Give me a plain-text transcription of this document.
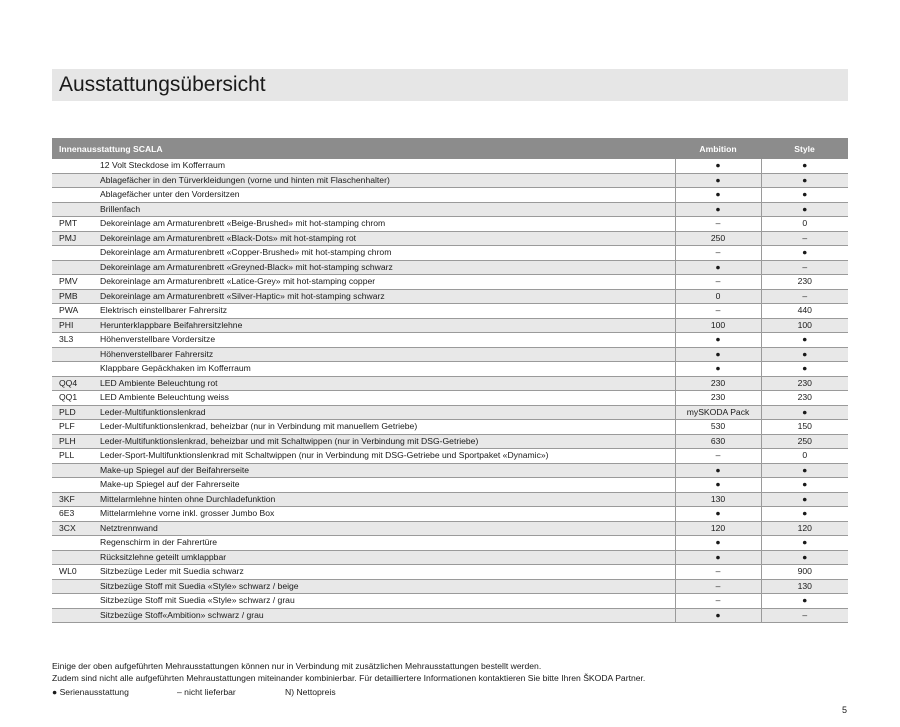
Ausstattungsübersicht
Innenausstattung SCALA		Ambition	Style
	12 Volt Steckdose im Kofferraum	●	●
	Ablagefächer in den Türverkleidungen (vorne und hinten mit Flaschenhalter)	●	●
	Ablagefächer unter den Vordersitzen	●	●
	Brillenfach	●	●
PMT	Dekoreinlage am Armaturenbrett «Beige-Brushed» mit hot-stamping chrom	–	0
PMJ	Dekoreinlage am Armaturenbrett «Black-Dots» mit hot-stamping rot	250	–
	Dekoreinlage am Armaturenbrett «Copper-Brushed» mit hot-stamping chrom	–	●
	Dekoreinlage am Armaturenbrett «Greyned-Black» mit hot-stamping schwarz	●	–
PMV	Dekoreinlage am Armaturenbrett «Latice-Grey» mit hot-stamping copper	–	230
PMB	Dekoreinlage am Armaturenbrett «Silver-Haptic» mit hot-stamping schwarz	0	–
PWA	Elektrisch einstellbarer Fahrersitz	–	440
PHI	Herunterklappbare Beifahrersitzlehne	100	100
3L3	Höhenverstellbare Vordersitze	●	●
	Höhenverstellbarer Fahrersitz	●	●
	Klappbare Gepäckhaken im Kofferraum	●	●
QQ4	LED Ambiente Beleuchtung rot	230	230
QQ1	LED Ambiente Beleuchtung weiss	230	230
PLD	Leder-Multifunktionslenkrad	mySKODA Pack	●
PLF	Leder-Multifunktionslenkrad, beheizbar (nur in Verbindung mit manuellem Getriebe)	530	150
PLH	Leder-Multifunktionslenkrad, beheizbar und mit Schaltwippen (nur in Verbindung mit DSG-Getriebe)	630	250
PLL	Leder-Sport-Multifunktionslenkrad mit Schaltwippen (nur in Verbindung mit DSG-Getriebe und Sportpaket «Dynamic»)	–	0
	Make-up Spiegel auf der Beifahrerseite	●	●
	Make-up Spiegel auf der Fahrerseite	●	●
3KF	Mittelarmlehne hinten ohne Durchladefunktion	130	●
6E3	Mittelarmlehne vorne inkl. grosser Jumbo Box	●	●
3CX	Netztrennwand	120	120
	Regenschirm in der Fahrertüre	●	●
	Rücksitzlehne geteilt umklappbar	●	●
WL0	Sitzbezüge Leder mit Suedia schwarz	–	900
	Sitzbezüge Stoff mit Suedia «Style» schwarz / beige	–	130
	Sitzbezüge Stoff mit Suedia «Style» schwarz / grau	–	●
	Sitzbezüge Stoff«Ambition» schwarz / grau	●	–

Einige der oben aufgeführten Mehrausstattungen können nur in Verbindung mit zusätzlichen Mehrausstattungen bestellt werden.

Zudem sind nicht alle aufgeführten Mehraustattungen miteinander kombinierbar. Für detailliertere Informationen kontaktieren Sie bitte Ihren ŠKODA Partner.

● Serienausstattung	– nicht lieferbar	N) Nettopreis
5
